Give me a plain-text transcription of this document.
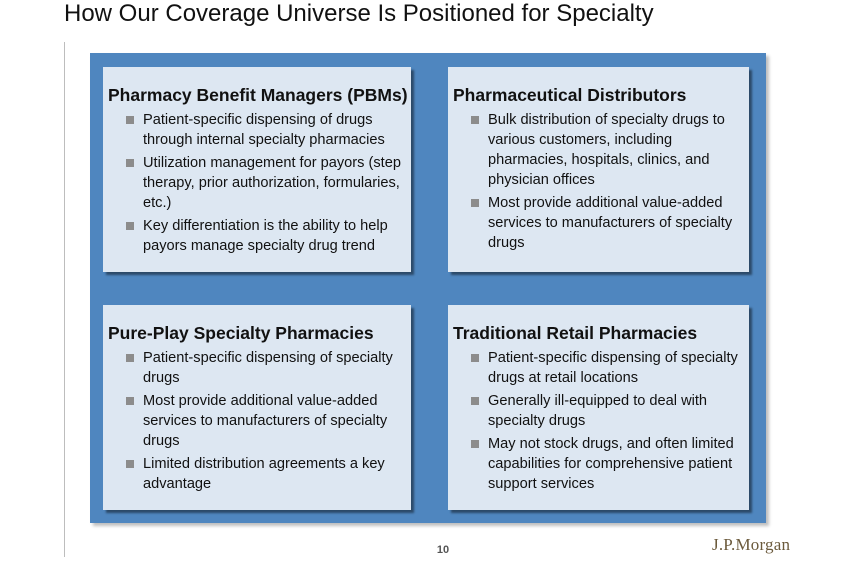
How Our Coverage Universe Is Positioned for Specialty
Pharmacy Benefit Managers (PBMs)
Patient-specific dispensing of drugs through internal specialty pharmacies
Utilization management for payors (step therapy, prior authorization, formularies, etc.)
Key differentiation is the ability to help payors manage specialty drug trend
Pharmaceutical Distributors
Bulk distribution of specialty drugs to various customers, including pharmacies, hospitals, clinics, and physician offices
Most provide additional value-added services to manufacturers of specialty drugs
Pure-Play Specialty Pharmacies
Patient-specific dispensing of specialty drugs
Most provide additional value-added services to manufacturers of specialty drugs
Limited distribution agreements a key advantage
Traditional Retail Pharmacies
Patient-specific dispensing of specialty drugs at retail locations
Generally ill-equipped to deal with specialty drugs
May not stock drugs, and often limited capabilities for comprehensive patient support services
10	J.P.Morgan
